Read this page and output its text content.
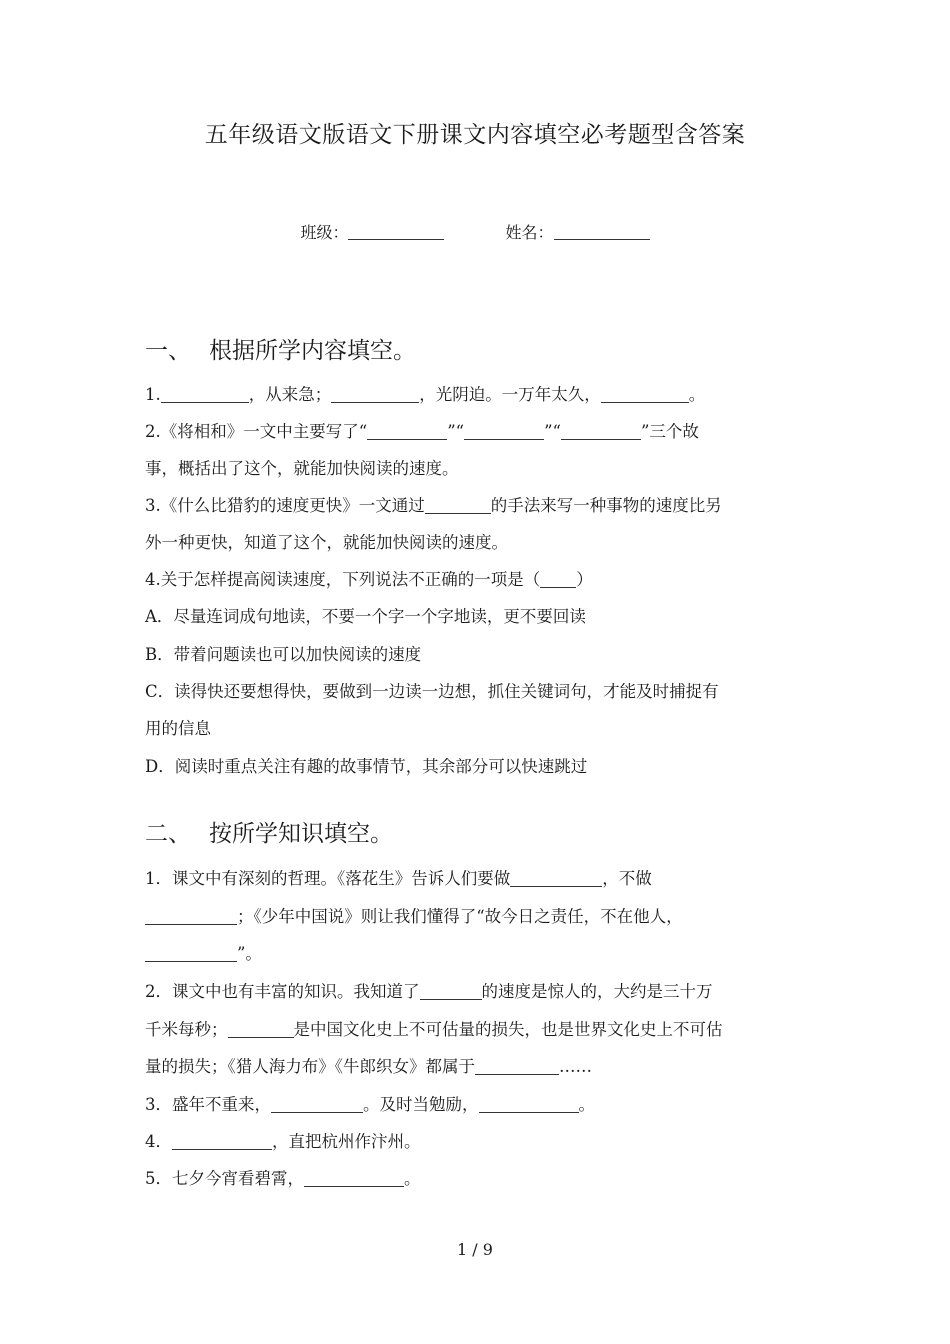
五年级语文版语文下册课文内容填空必考题型含答案
班级：	姓名：
一、 根据所学内容填空。
1.	，从来急；	，光阴迫。一万年太久，	。
2.《将相和》一文中主要写了“	”“	”“	”三个故
事，概括出了这个，就能加快阅读的速度。
3.《什么比猎豹的速度更快》一文通过	的手法来写一种事物的速度比另
外一种更快，知道了这个，就能加快阅读的速度。
4.关于怎样提高阅读速度，下列说法不正确的一项是（ ）
A．尽量连词成句地读，不要一个字一个字地读，更不要回读
B．带着问题读也可以加快阅读的速度
C．读得快还要想得快，要做到一边读一边想，抓住关键词句，才能及时捕捉有
用的信息
D．阅读时重点关注有趣的故事情节，其余部分可以快速跳过
二、 按所学知识填空。
1．课文中有深刻的哲理。《落花生》告诉人们要做	，不做
；《少年中国说》则让我们懂得了“故今日之责任，不在他人，
”。
2．课文中也有丰富的知识。我知道了	的速度是惊人的，大约是三十万
千米每秒；	是中国文化史上不可估量的损失，也是世界文化史上不可估
量的损失；《猎人海力布》《牛郎织女》都属于	……
3．盛年不重来，	。及时当勉励，	。
4．	，直把杭州作汴州。
5．七夕今宵看碧霄，	。
1 / 9
